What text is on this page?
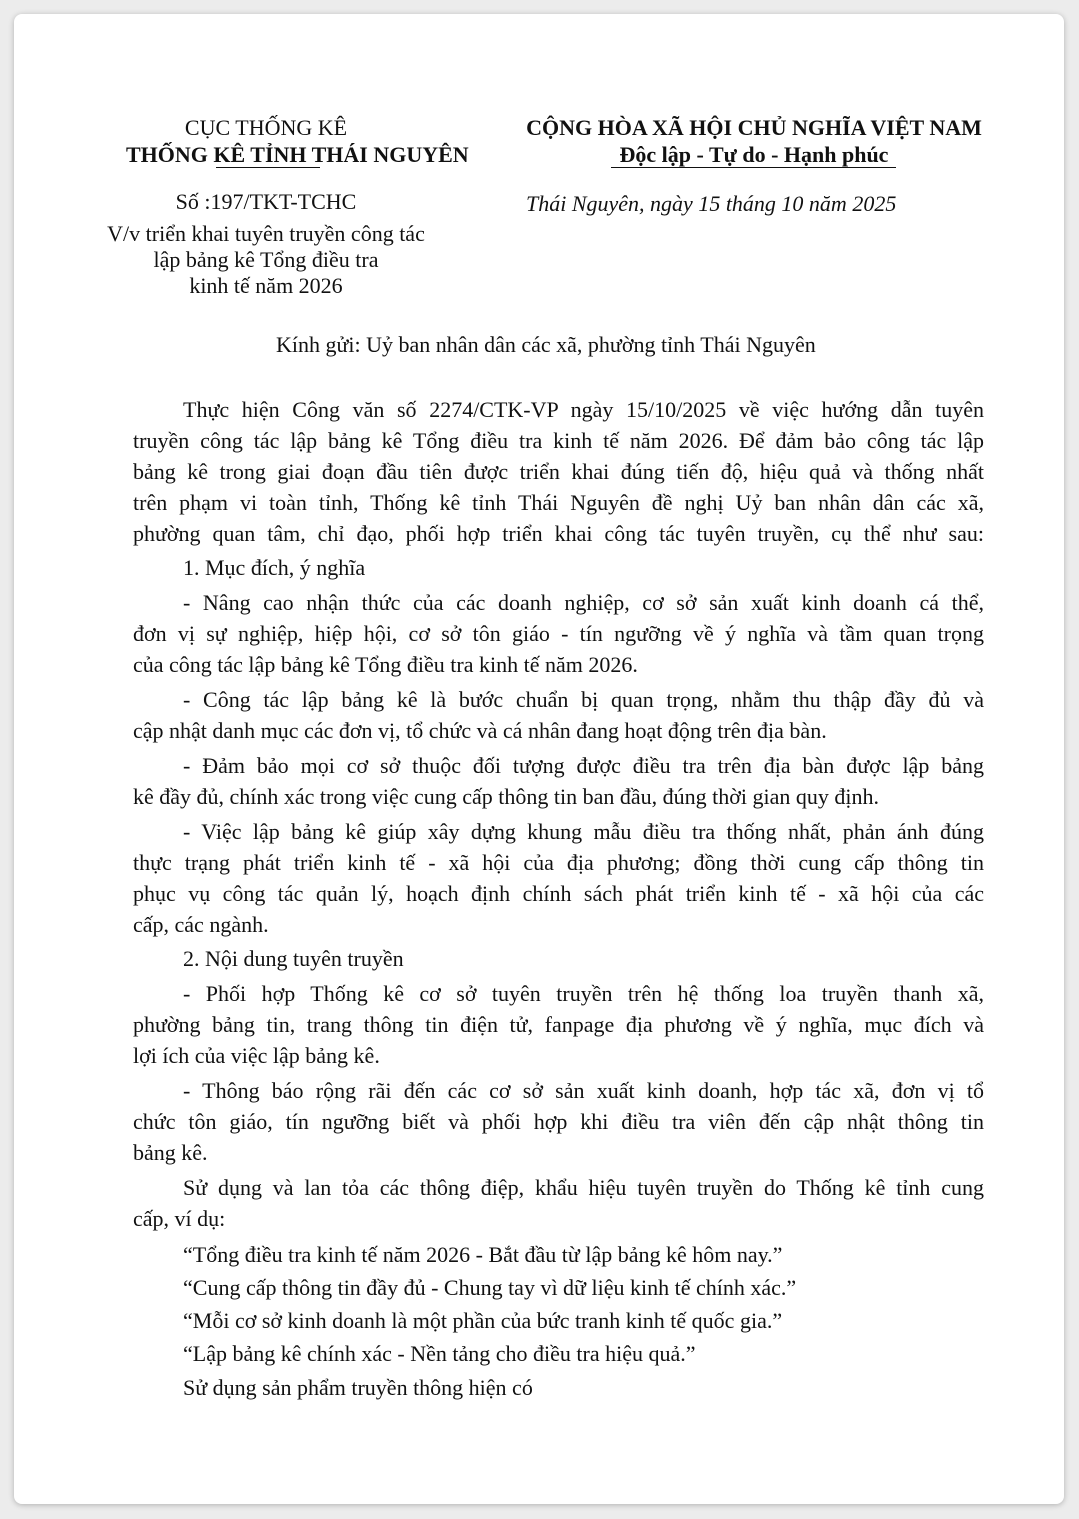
CỤC THỐNG KÊ
THỐNG KÊ TỈNH THÁI NGUYÊN
CỘNG HÒA XÃ HỘI CHỦ NGHĨA VIỆT NAM
Độc lập - Tự do - Hạnh phúc
Số :197/TKT-TCHC
V/v triển khai tuyên truyền công tác
lập bảng kê Tổng điều tra
kinh tế năm 2026
Thái Nguyên, ngày 15 tháng 10 năm 2025
Kính gửi: Uỷ ban nhân dân các xã, phường tỉnh Thái Nguyên
Thực hiện Công văn số 2274/CTK-VP ngày 15/10/2025 về việc hướng dẫn tuyên
truyền công tác lập bảng kê Tổng điều tra kinh tế năm 2026. Để đảm bảo công tác lập
bảng kê trong giai đoạn đầu tiên được triển khai đúng tiến độ, hiệu quả và thống nhất
trên phạm vi toàn tỉnh, Thống kê tỉnh Thái Nguyên đề nghị Uỷ ban nhân dân các xã,
phường quan tâm, chỉ đạo, phối hợp triển khai công tác tuyên truyền, cụ thể như sau:
1. Mục đích, ý nghĩa
- Nâng cao nhận thức của các doanh nghiệp, cơ sở sản xuất kinh doanh cá thể,
đơn vị sự nghiệp, hiệp hội, cơ sở tôn giáo - tín ngưỡng về ý nghĩa và tầm quan trọng
của công tác lập bảng kê Tổng điều tra kinh tế năm 2026.
- Công tác lập bảng kê là bước chuẩn bị quan trọng, nhằm thu thập đầy đủ và
cập nhật danh mục các đơn vị, tổ chức và cá nhân đang hoạt động trên địa bàn.
- Đảm bảo mọi cơ sở thuộc đối tượng được điều tra trên địa bàn được lập bảng
kê đầy đủ, chính xác trong việc cung cấp thông tin ban đầu, đúng thời gian quy định.
- Việc lập bảng kê giúp xây dựng khung mẫu điều tra thống nhất, phản ánh đúng
thực trạng phát triển kinh tế - xã hội của địa phương; đồng thời cung cấp thông tin
phục vụ công tác quản lý, hoạch định chính sách phát triển kinh tế - xã hội của các
cấp, các ngành.
2. Nội dung tuyên truyền
- Phối hợp Thống kê cơ sở tuyên truyền trên hệ thống loa truyền thanh xã,
phường bảng tin, trang thông tin điện tử, fanpage địa phương về ý nghĩa, mục đích và
lợi ích của việc lập bảng kê.
- Thông báo rộng rãi đến các cơ sở sản xuất kinh doanh, hợp tác xã, đơn vị tổ
chức tôn giáo, tín ngưỡng biết và phối hợp khi điều tra viên đến cập nhật thông tin
bảng kê.
Sử dụng và lan tỏa các thông điệp, khẩu hiệu tuyên truyền do Thống kê tỉnh cung
cấp, ví dụ:
“Tổng điều tra kinh tế năm 2026 - Bắt đầu từ lập bảng kê hôm nay.”
“Cung cấp thông tin đầy đủ - Chung tay vì dữ liệu kinh tế chính xác.”
“Mỗi cơ sở kinh doanh là một phần của bức tranh kinh tế quốc gia.”
“Lập bảng kê chính xác - Nền tảng cho điều tra hiệu quả.”
Sử dụng sản phẩm truyền thông hiện có
